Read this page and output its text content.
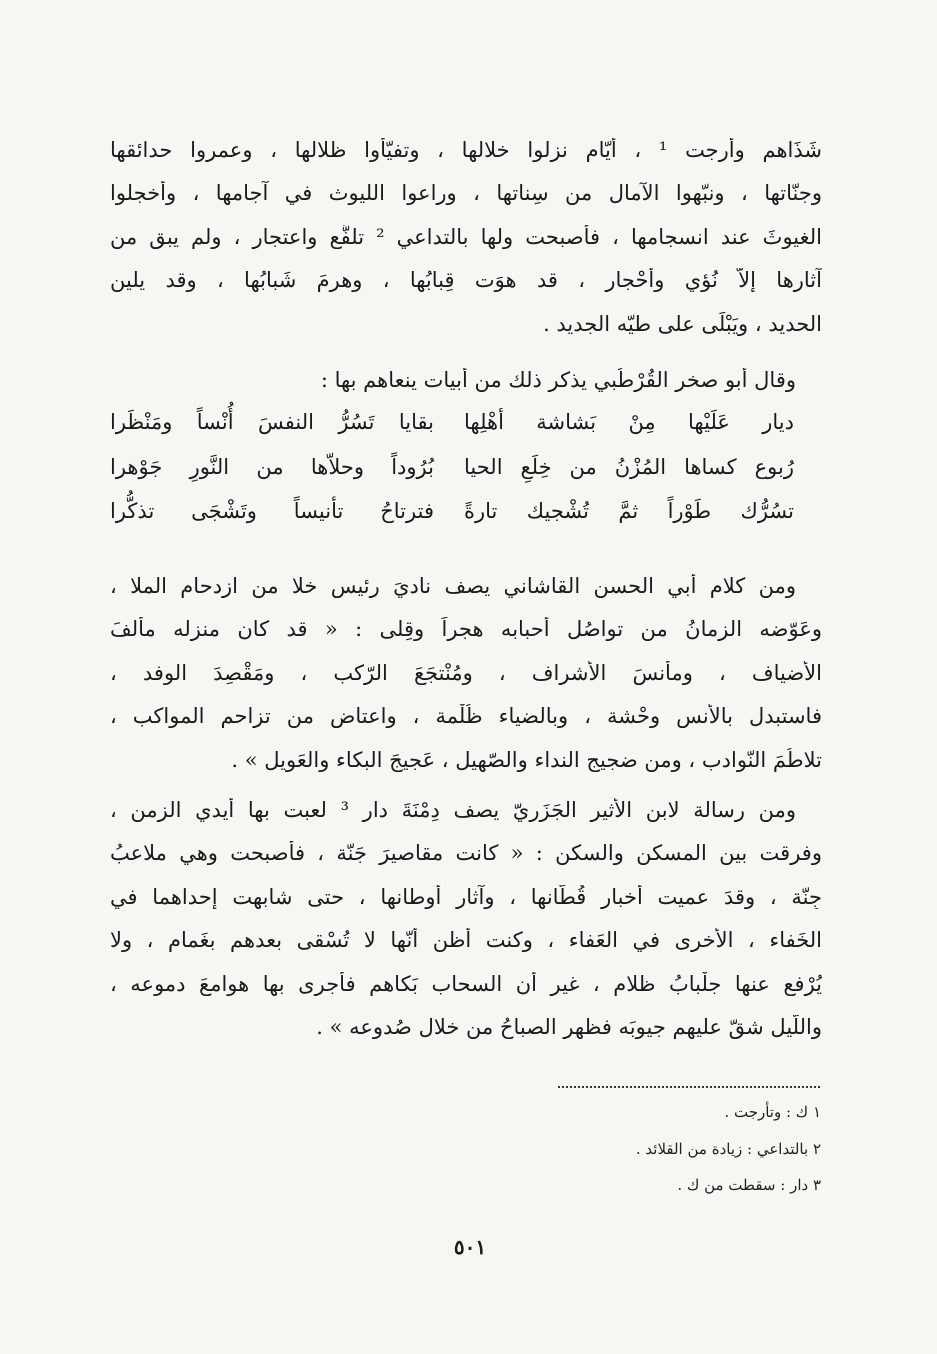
شَذَاهم وأرجت ¹ ، أيّام نزلوا خلالها ، وتفيّأوا ظلالها ، وعمروا حدائقها
وجنّاتها ، ونبّهوا الآمال من سِناتها ، وراعوا الليوث في آجامها ، وأخجلوا
الغيوثَ عند انسجامها ، فأصبحت ولها بالتداعي ² تلفُّع واعتجار ، ولم يبق من
آثارها إلاّ نُؤي وأحْجار ، قد هوَت قِبابُها ، وهرِمَ شَبابُها ، وقد يلين
الحديد ، ويَبْلَى على طيّه الجديد .
وقال أبو صخر القُرْطُبي يذكر ذلك من أبيات ينعاهم بها :
ديار عَلَيْها مِنْ بَشاشة أهْلِها
بقايا تَسُرُّ النفسَ أُنْساً ومَنْظَرا
رُبوع كساها المُزْنُ من خِلَعِ الحيا
بُرُوداً وحلاّها من النَّورِ جَوْهرا
تسُرُّك طَوْراً ثمَّ تُشْجيك تارةً
فترتاحُ تأنيساً وتَشْجَى تذكُّرا
ومن كلام أبي الحسن القاشاني يصف ناديَ رئيسٍ خلا من ازدحام الملا ،
وعَوّضه الزمانُ من تواصُل أحبابه هجراً وقِلى : « قد كان منزله مألفَ
الأضياف ، ومأنسَ الأشراف ، ومُنْتجَعَ الرّكب ، ومَقْصِدَ الوفد ،
فاستبدل بالأنس وحْشة ، وبالضياء ظُلْمة ، واعتاض من تزاحم المواكب ،
تلاطُمَ النّوادب ، ومن ضجيج النداء والصّهيل ، عَجيجَ البكاء والعَويل » .
ومن رسالة لابن الأثير الجَزَريّ يصف دِمْنَةَ دارٍ ³ لعبت بها أيدي الزمن ،
وفرقت بين المسكن والسكن : « كانت مقاصيرَ جَنّة ، فأصبحت وهي ملاعبُ
جِنّة ، وقدَ عميت أخبار قُطّانها ، وآثار أوطانها ، حتى شابهت إحداهما في
الخَفاء ، الأخرى في العَفاء ، وكنت أظن أنّها لا تُسْقى بعدهم بغَمام ، ولا
يُرْفع عنها جلْبابُ ظلام ، غير أن السحاب بَكاهم فأجرى بها هوامعَ دموعه ،
واللّيل شقّ عليهم جيوبَه فظهر الصباحُ من خلال صُدوعه » .
١ ك : وتأرجت .
٢ بالتداعي : زيادة من القلائد .
٣ دار : سقطت من ك .
٥٠١
